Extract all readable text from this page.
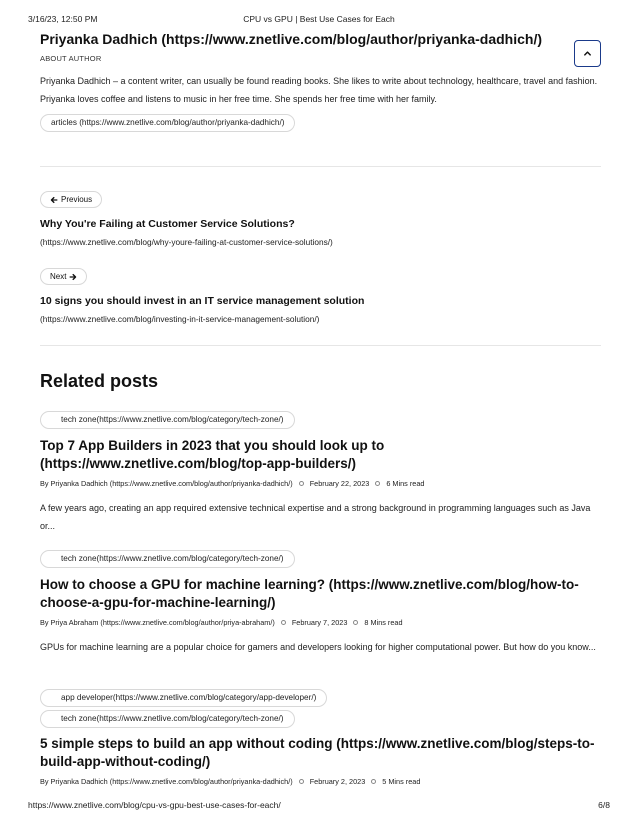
3/16/23, 12:50 PM	CPU vs GPU | Best Use Cases for Each
Priyanka Dadhich (https://www.znetlive.com/blog/author/priyanka-dadhich/)
ABOUT AUTHOR

Priyanka Dadhich – a content writer, can usually be found reading books. She likes to write about technology, healthcare, travel and fashion. Priyanka loves coffee and listens to music in her free time. She spends her free time with her family.

articles (https://www.znetlive.com/blog/author/priyanka-dadhich/)
Previous
Why You're Failing at Customer Service Solutions?
(https://www.znetlive.com/blog/why-youre-failing-at-customer-service-solutions/)
Next
10 signs you should invest in an IT service management solution
(https://www.znetlive.com/blog/investing-in-it-service-management-solution/)
Related posts
tech zone(https://www.znetlive.com/blog/category/tech-zone/)
Top 7 App Builders in 2023 that you should look up to (https://www.znetlive.com/blog/top-app-builders/)
By Priyanka Dadhich (https://www.znetlive.com/blog/author/priyanka-dadhich/) February 22, 2023 6 Mins read

A few years ago, creating an app required extensive technical expertise and a strong background in programming languages such as Java or...

tech zone(https://www.znetlive.com/blog/category/tech-zone/)
How to choose a GPU for machine learning? (https://www.znetlive.com/blog/how-to-choose-a-gpu-for-machine-learning/)
By Priya Abraham (https://www.znetlive.com/blog/author/priya-abraham/) February 7, 2023 8 Mins read

GPUs for machine learning are a popular choice for gamers and developers looking for higher computational power. But how do you know...

app developer(https://www.znetlive.com/blog/category/app-developer/)
tech zone(https://www.znetlive.com/blog/category/tech-zone/)
5 simple steps to build an app without coding (https://www.znetlive.com/blog/steps-to-build-app-without-coding/)
By Priyanka Dadhich (https://www.znetlive.com/blog/author/priyanka-dadhich/) February 2, 2023 5 Mins read
https://www.znetlive.com/blog/cpu-vs-gpu-best-use-cases-for-each/	6/8
